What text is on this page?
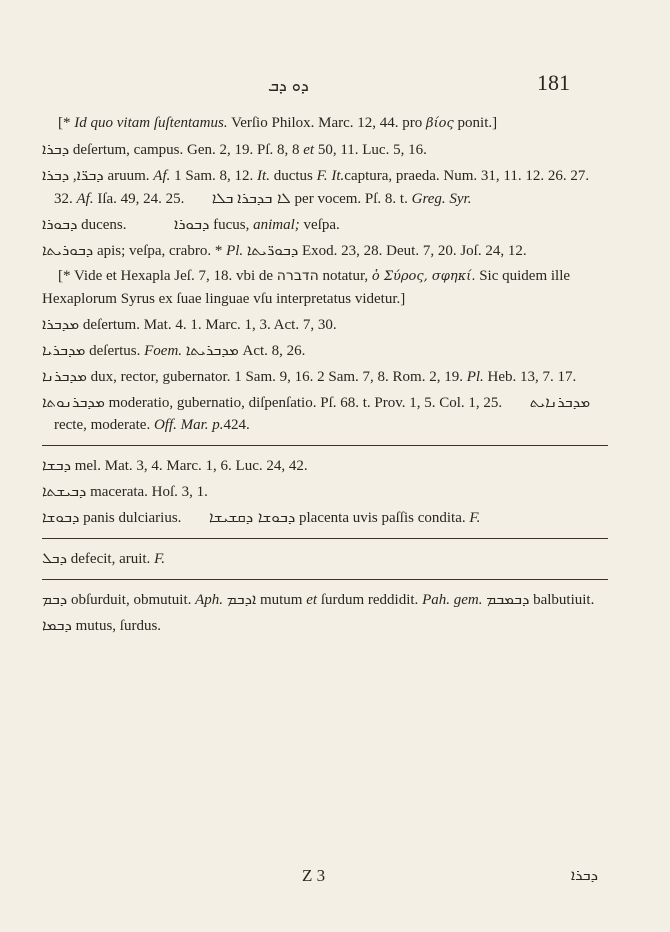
ܕܘ ܕܒ	181

[* Id quo vitam ſuſtentamus. Verſio Philox. Marc. 12, 44. pro βίος ponit.]

ܕܒܪܐ deſertum, campus. Gen. 2, 19. Pſ. 8, 8 et 50, 11. Luc. 5, 16.

ܕܒܪ̈ܐ, ܕܒܪܐ	aruum. Af. 1 Sam. 8, 12. It. ductus F. It.captura, praeda. Num. 31, 11. 12. 26. 27. 32. Af. Iſa. 49, 24. 25.	ܠܐ ܒܕܒܪܐ ܒܠܐ	per vocem. Pſ. 8. t. Greg. Syr.

ܕܒܘܪܐ ducens.	ܕܒܘܪܐ fucus, animal; veſpa.

ܕܒܘܪܝܬܐ apis; veſpa, crabro. * Pl. ܕܒܘܪ̈ܝܬܐ Exod. 23, 28. Deut. 7, 20. Joſ. 24, 12.

[* Vide et Hexapla Jeſ. 7, 18. vbi de הדברה notatur, ὁ Σύρος, σφηκί. Sic quidem ille Hexaplorum Syrus ex ſuae linguae vſu interpretatus videtur.]

ܡܕܒܪܐ deſertum. Mat. 4. 1. Marc. 1, 3. Act. 7, 30.

ܡܕܒܪܝܐ deſertus. Foem. ܡܕܒܪܝܬܐ Act. 8, 26.

ܡܕܒܪܢܐ dux, rector, gubernator. 1 Sam. 9, 16. 2 Sam. 7, 8. Rom. 2, 19. Pl. Heb. 13, 7. 17.

ܡܕܒܪܢܘܬܐ moderatio, gubernatio, diſpenſatio. Pſ. 68. t. Prov. 1, 5. Col. 1, 25. ܡܕܒܪܢܐܝܬ recte, moderate. Off. Mar. p.424.

ܕܒܫܐ mel. Mat. 3, 4. Marc. 1, 6. Luc. 24, 42.

ܕܒܝܫܬܐ macerata. Hoſ. 3, 1.

ܕܒܘܫܐ panis dulciarius. ܕܒܘܫܐ ܕܩܫܝܫܐ placenta uvis paſſis condita. F.

ܕܒܠ defecit, aruit. F.

ܕܒܡ obſurduit, obmutuit. Aph. ܐܕܒܡ mutum et ſurdum reddidit. Pah. gem. ܕܒܡܒܡ balbutiuit.

ܕܒܡܐ mutus, ſurdus.

Z 3	ܕܒܪܐ
